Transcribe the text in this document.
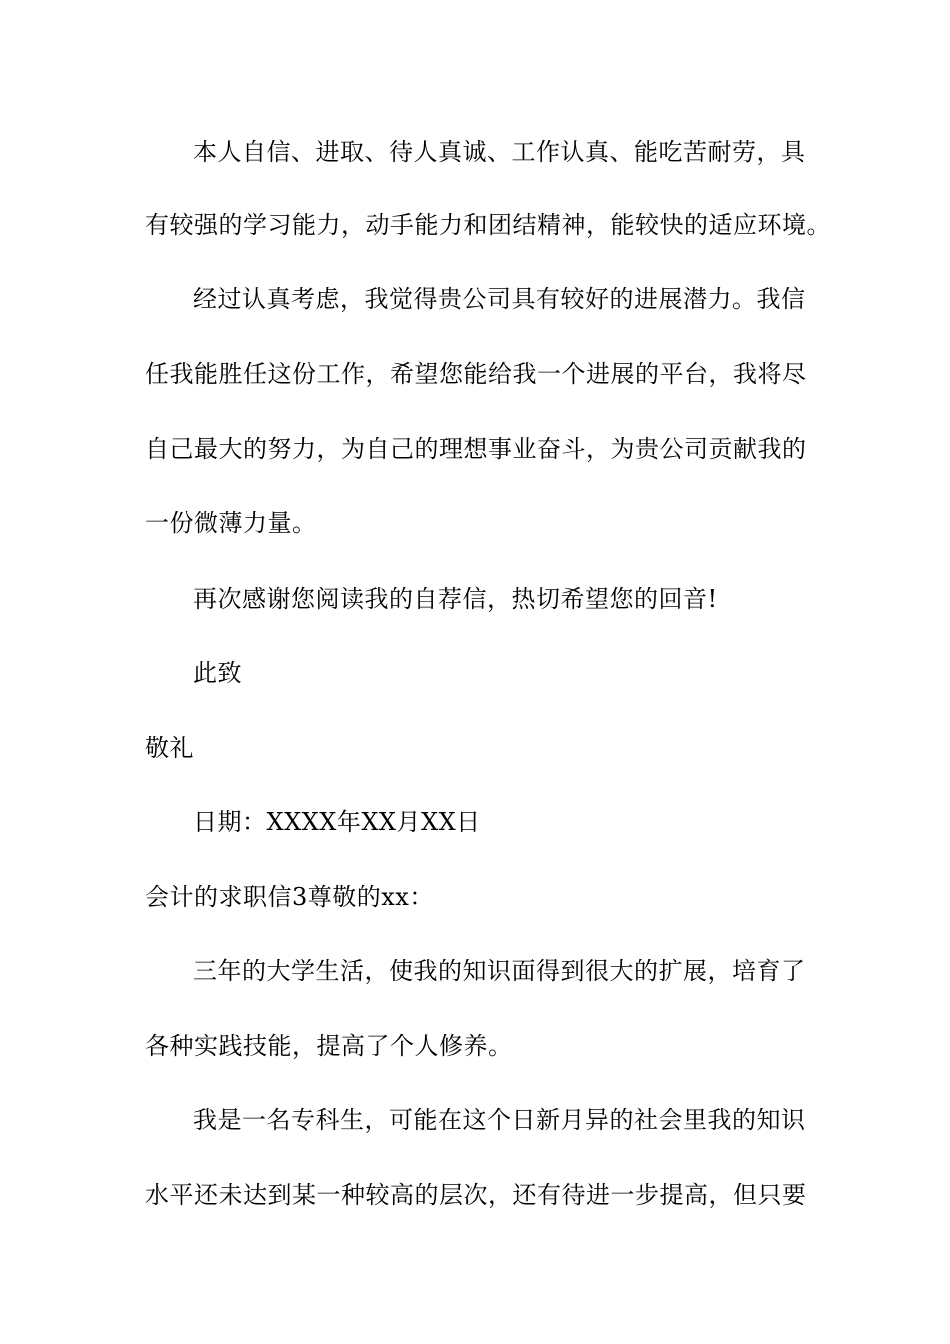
本人自信、进取、待人真诚、工作认真、能吃苦耐劳，具
有较强的学习能力，动手能力和团结精神，能较快的适应环境。
经过认真考虑，我觉得贵公司具有较好的进展潜力。我信
任我能胜任这份工作，希望您能给我一个进展的平台，我将尽
自己最大的努力，为自己的理想事业奋斗，为贵公司贡献我的
一份微薄力量。
再次感谢您阅读我的自荐信，热切希望您的回音!
此致
敬礼
日期：XXXX年XX月XX日
会计的求职信3尊敬的xx：
三年的大学生活，使我的知识面得到很大的扩展，培育了
各种实践技能，提高了个人修养。
我是一名专科生，可能在这个日新月异的社会里我的知识
水平还未达到某一种较高的层次，还有待进一步提高，但只要
